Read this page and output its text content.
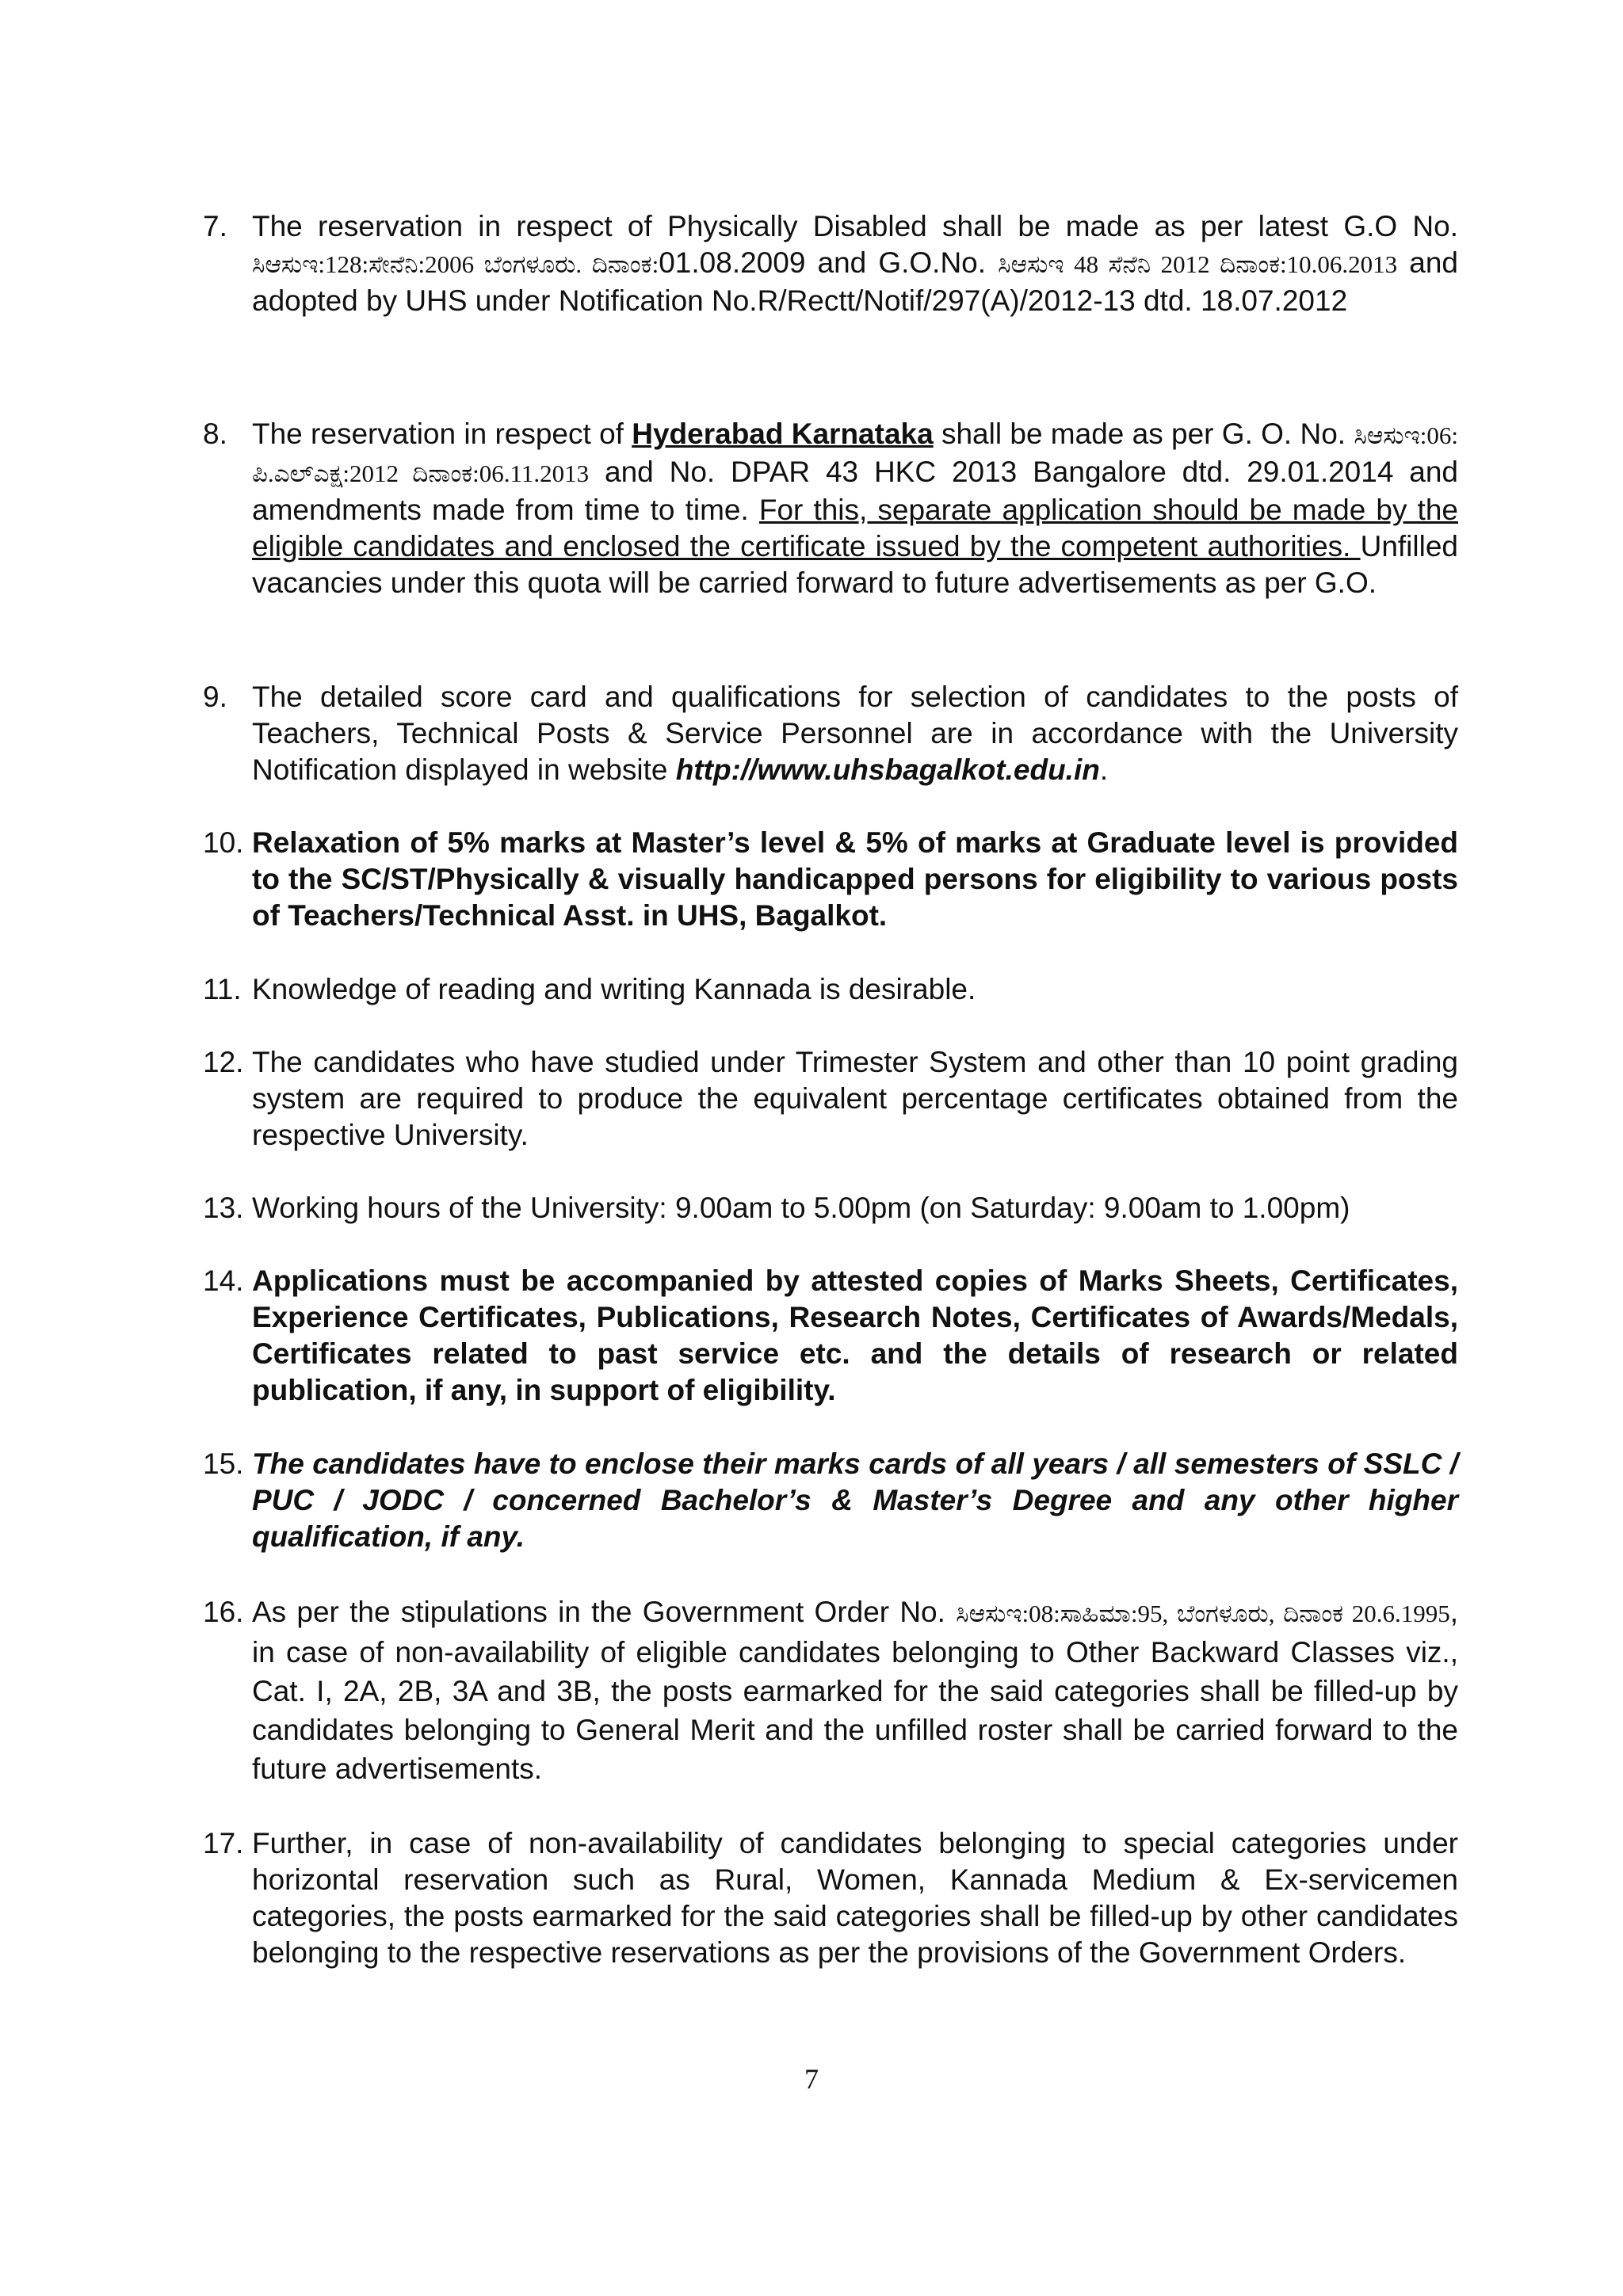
7. The reservation in respect of Physically Disabled shall be made as per latest G.O No. ಸಿಆಸುಇ:128:ಸೇನೆನಿ:2006 ಬೆಂಗಳೂರು. ದಿನಾಂಕ:01.08.2009 and G.O.No. ಸಿಆಸುಇ 48 ಸೆನೆನಿ 2012 ದಿನಾಂಕ:10.06.2013 and adopted by UHS under Notification No.R/Rectt/Notif/297(A)/2012-13 dtd. 18.07.2012

8. The reservation in respect of Hyderabad Karnataka shall be made as per G. O. No. ಸಿಆಸುಇ:06: ಪಿ.ಎಲ್ಎಕ್ಷ:2012 ದಿನಾಂಕ:06.11.2013 and No. DPAR 43 HKC 2013 Bangalore dtd. 29.01.2014 and amendments made from time to time. For this, separate application should be made by the eligible candidates and enclosed the certificate issued by the competent authorities. Unfilled vacancies under this quota will be carried forward to future advertisements as per G.O.

9. The detailed score card and qualifications for selection of candidates to the posts of Teachers, Technical Posts & Service Personnel are in accordance with the University Notification displayed in website http://www.uhsbagalkot.edu.in.

10. Relaxation of 5% marks at Master’s level & 5% of marks at Graduate level is provided to the SC/ST/Physically & visually handicapped persons for eligibility to various posts of Teachers/Technical Asst. in UHS, Bagalkot.

11. Knowledge of reading and writing Kannada is desirable.

12. The candidates who have studied under Trimester System and other than 10 point grading system are required to produce the equivalent percentage certificates obtained from the respective University.

13. Working hours of the University: 9.00am to 5.00pm (on Saturday: 9.00am to 1.00pm)

14. Applications must be accompanied by attested copies of Marks Sheets, Certificates, Experience Certificates, Publications, Research Notes, Certificates of Awards/Medals, Certificates related to past service etc. and the details of research or related publication, if any, in support of eligibility.

15. The candidates have to enclose their marks cards of all years / all semesters of SSLC / PUC / JODC / concerned Bachelor’s & Master’s Degree and any other higher qualification, if any.

16. As per the stipulations in the Government Order No. ಸಿಆಸುಇ:08:ಸಾಹಿಮಾ:95, ಬೆಂಗಳೂರು, ದಿನಾಂಕ 20.6.1995, in case of non-availability of eligible candidates belonging to Other Backward Classes viz., Cat. I, 2A, 2B, 3A and 3B, the posts earmarked for the said categories shall be filled-up by candidates belonging to General Merit and the unfilled roster shall be carried forward to the future advertisements.

17. Further, in case of non-availability of candidates belonging to special categories under horizontal reservation such as Rural, Women, Kannada Medium & Ex-servicemen categories, the posts earmarked for the said categories shall be filled-up by other candidates belonging to the respective reservations as per the provisions of the Government Orders.

7
